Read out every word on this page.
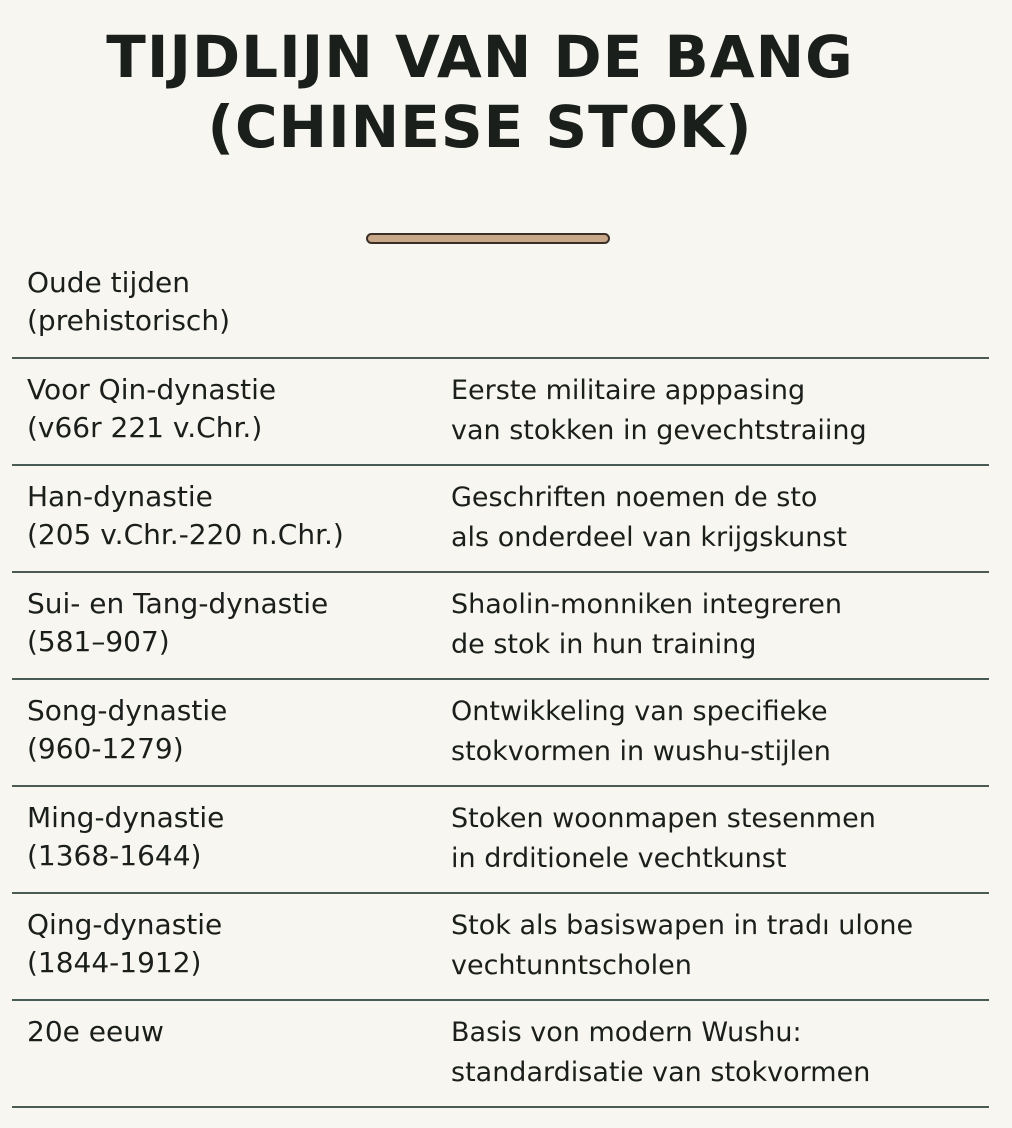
TIJDLIJN VAN DE BANG
(CHINESE STOK)
Oude tijden
(prehistorisch)
Voor Qin-dynastie
(v66r 221 v.Chr.)
Eerste militaire apppasing
van stokken in gevechtstraiing
Han-dynastie
(205 v.Chr.-220 n.Chr.)
Geschriften noemen de sto
als onderdeel van krijgskunst
Sui- en Tang-dynastie
(581–907)
Shaolin-monniken integreren
de stok in hun training
Song-dynastie
(960-1279)
Ontwikkeling van specifieke
stokvormen in wushu-stijlen
Ming-dynastie
(1368-1644)
Stoken woonmapen stesenmen
in drditionele vechtkunst
Qing-dynastie
(1844-1912)
Stok als basiswapen in tradı ulone
vechtunntscholen
20e eeuw	Basis von modern Wushu:
standardisatie van stokvormen
